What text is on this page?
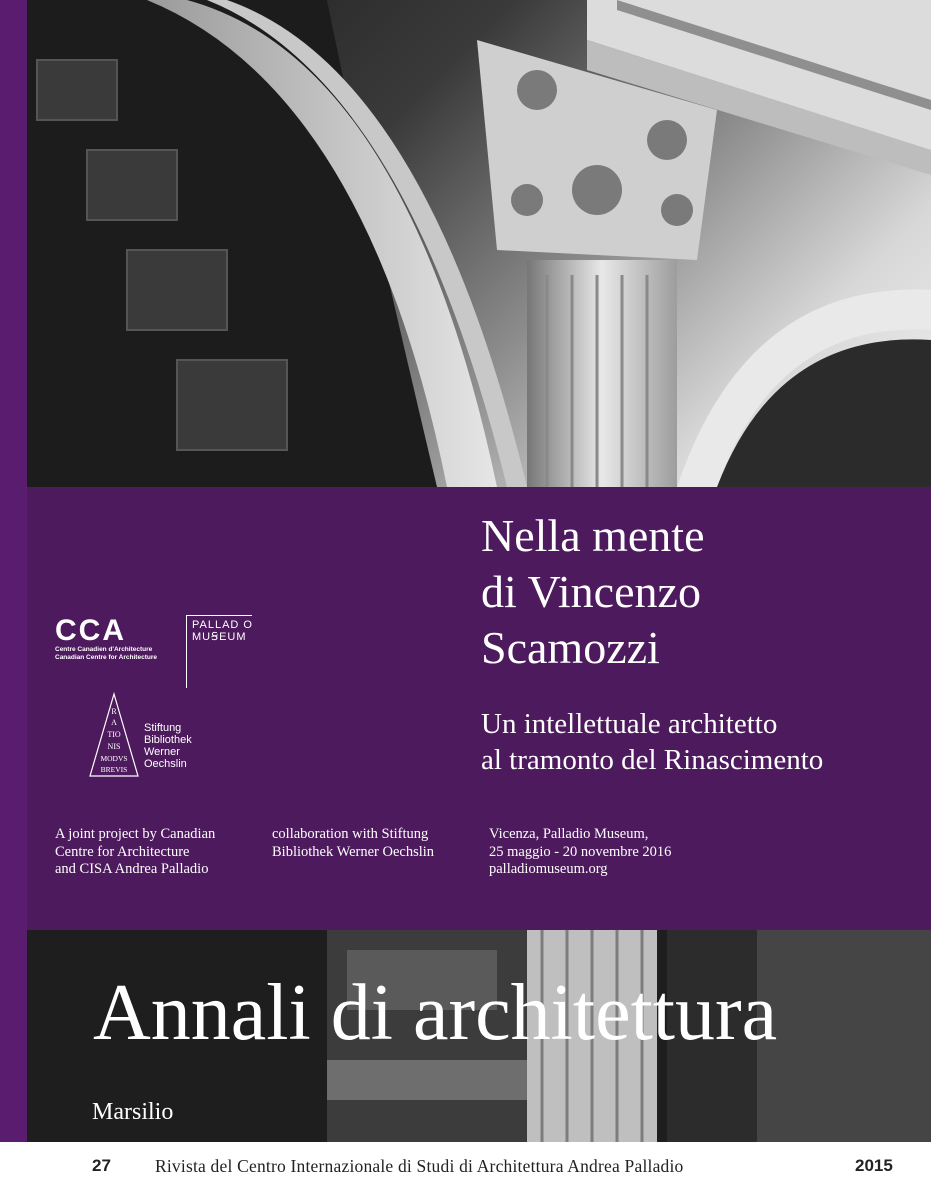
Nella mente
di Vincenzo
Scamozzi
Un intellettuale architetto
al tramonto del Rinascimento
CCA
Centre Canadien d'Architecture
Canadian Centre for Architecture
PALLAD O
MUꞨEUM
R
A
TIO
NIS
MODVS
BREVIS
Stiftung
Bibliothek
Werner
Oechslin
A joint project by Canadian
Centre for Architecture
and CISA Andrea Palladio
collaboration with Stiftung
Bibliothek Werner Oechslin
Vicenza, Palladio Museum,
25 maggio - 20 novembre 2016
palladiomuseum.org
Annali di architettura
Marsilio
27	Rivista del Centro Internazionale di Studi di Architettura Andrea Palladio	2015
